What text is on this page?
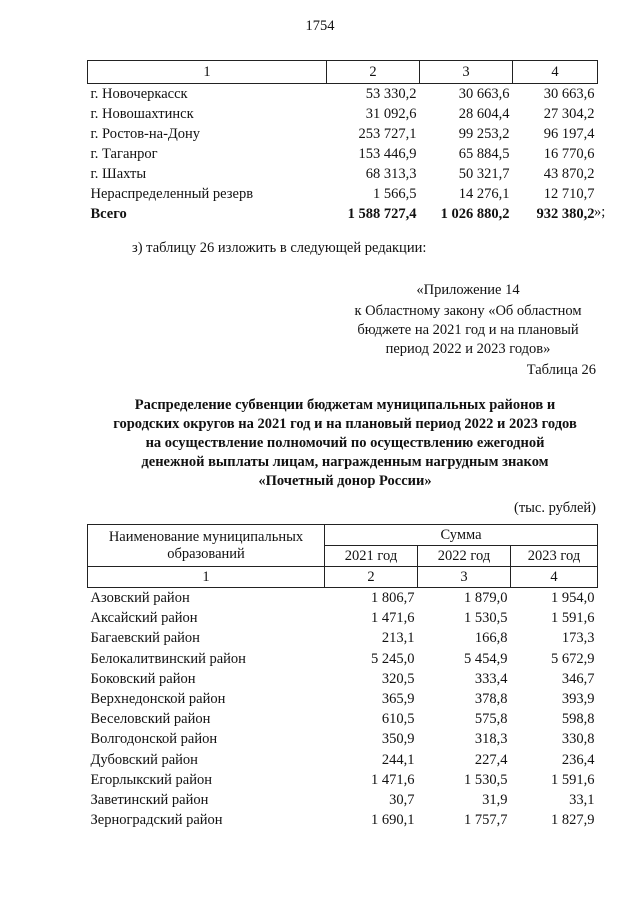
1754
1	2	3	4
г. Новочеркасск	53 330,2	30 663,6	30 663,6
г. Новошахтинск	31 092,6	28 604,4	27 304,2
г. Ростов-на-Дону	253 727,1	99 253,2	96 197,4
г. Таганрог	153 446,9	65 884,5	16 770,6
г. Шахты	68 313,3	50 321,7	43 870,2
Нераспределенный резерв	1 566,5	14 276,1	12 710,7
Всего	1 588 727,4	1 026 880,2	932 380,2 »;
з) таблицу 26 изложить в следующей редакции:
«Приложение 14
к Областному закону «Об областном
бюджете на 2021 год и на плановый
период 2022 и 2023 годов»
Таблица 26
Распределение субвенции бюджетам муниципальных районов и
городских округов на 2021 год и на плановый период 2022 и 2023 годов
на осуществление полномочий по осуществлению ежегодной
денежной выплаты лицам, награжденным нагрудным знаком
«Почетный донор России»
(тыс. рублей)
Наименование муниципальных образований	Сумма		
	2021 год	2022 год	2023 год
1	2	3	4
Азовский район	1 806,7	1 879,0	1 954,0
Аксайский район	1 471,6	1 530,5	1 591,6
Багаевский район	213,1	166,8	173,3
Белокалитвинский район	5 245,0	5 454,9	5 672,9
Боковский район	320,5	333,4	346,7
Верхнедонской район	365,9	378,8	393,9
Веселовский район	610,5	575,8	598,8
Волгодонской район	350,9	318,3	330,8
Дубовский район	244,1	227,4	236,4
Егорлыкский район	1 471,6	1 530,5	1 591,6
Заветинский район	30,7	31,9	33,1
Зерноградский район	1 690,1	1 757,7	1 827,9
